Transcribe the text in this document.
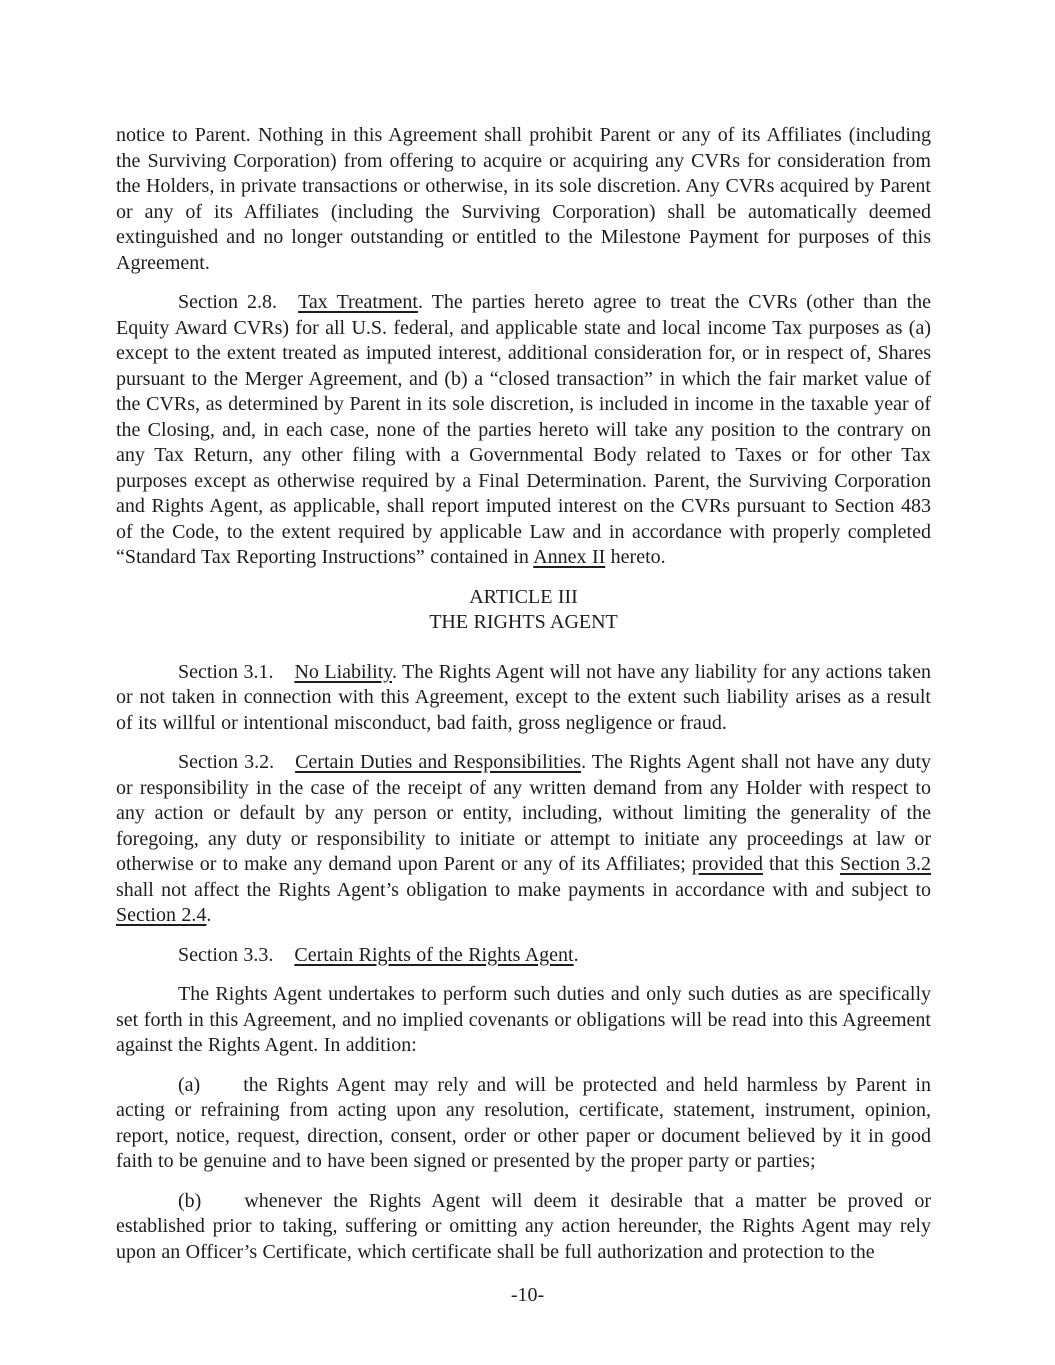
notice to Parent. Nothing in this Agreement shall prohibit Parent or any of its Affiliates (including the Surviving Corporation) from offering to acquire or acquiring any CVRs for consideration from the Holders, in private transactions or otherwise, in its sole discretion. Any CVRs acquired by Parent or any of its Affiliates (including the Surviving Corporation) shall be automatically deemed extinguished and no longer outstanding or entitled to the Milestone Payment for purposes of this Agreement.

Section 2.8. Tax Treatment. The parties hereto agree to treat the CVRs (other than the Equity Award CVRs) for all U.S. federal, and applicable state and local income Tax purposes as (a) except to the extent treated as imputed interest, additional consideration for, or in respect of, Shares pursuant to the Merger Agreement, and (b) a “closed transaction” in which the fair market value of the CVRs, as determined by Parent in its sole discretion, is included in income in the taxable year of the Closing, and, in each case, none of the parties hereto will take any position to the contrary on any Tax Return, any other filing with a Governmental Body related to Taxes or for other Tax purposes except as otherwise required by a Final Determination. Parent, the Surviving Corporation and Rights Agent, as applicable, shall report imputed interest on the CVRs pursuant to Section 483 of the Code, to the extent required by applicable Law and in accordance with properly completed “Standard Tax Reporting Instructions” contained in Annex II hereto.

ARTICLE III

THE RIGHTS AGENT

Section 3.1. No Liability. The Rights Agent will not have any liability for any actions taken or not taken in connection with this Agreement, except to the extent such liability arises as a result of its willful or intentional misconduct, bad faith, gross negligence or fraud.

Section 3.2. Certain Duties and Responsibilities. The Rights Agent shall not have any duty or responsibility in the case of the receipt of any written demand from any Holder with respect to any action or default by any person or entity, including, without limiting the generality of the foregoing, any duty or responsibility to initiate or attempt to initiate any proceedings at law or otherwise or to make any demand upon Parent or any of its Affiliates; provided that this Section 3.2 shall not affect the Rights Agent’s obligation to make payments in accordance with and subject to Section 2.4.

Section 3.3. Certain Rights of the Rights Agent.

The Rights Agent undertakes to perform such duties and only such duties as are specifically set forth in this Agreement, and no implied covenants or obligations will be read into this Agreement against the Rights Agent. In addition:

(a) the Rights Agent may rely and will be protected and held harmless by Parent in acting or refraining from acting upon any resolution, certificate, statement, instrument, opinion, report, notice, request, direction, consent, order or other paper or document believed by it in good faith to be genuine and to have been signed or presented by the proper party or parties;

(b) whenever the Rights Agent will deem it desirable that a matter be proved or established prior to taking, suffering or omitting any action hereunder, the Rights Agent may rely upon an Officer’s Certificate, which certificate shall be full authorization and protection to the

-10-
